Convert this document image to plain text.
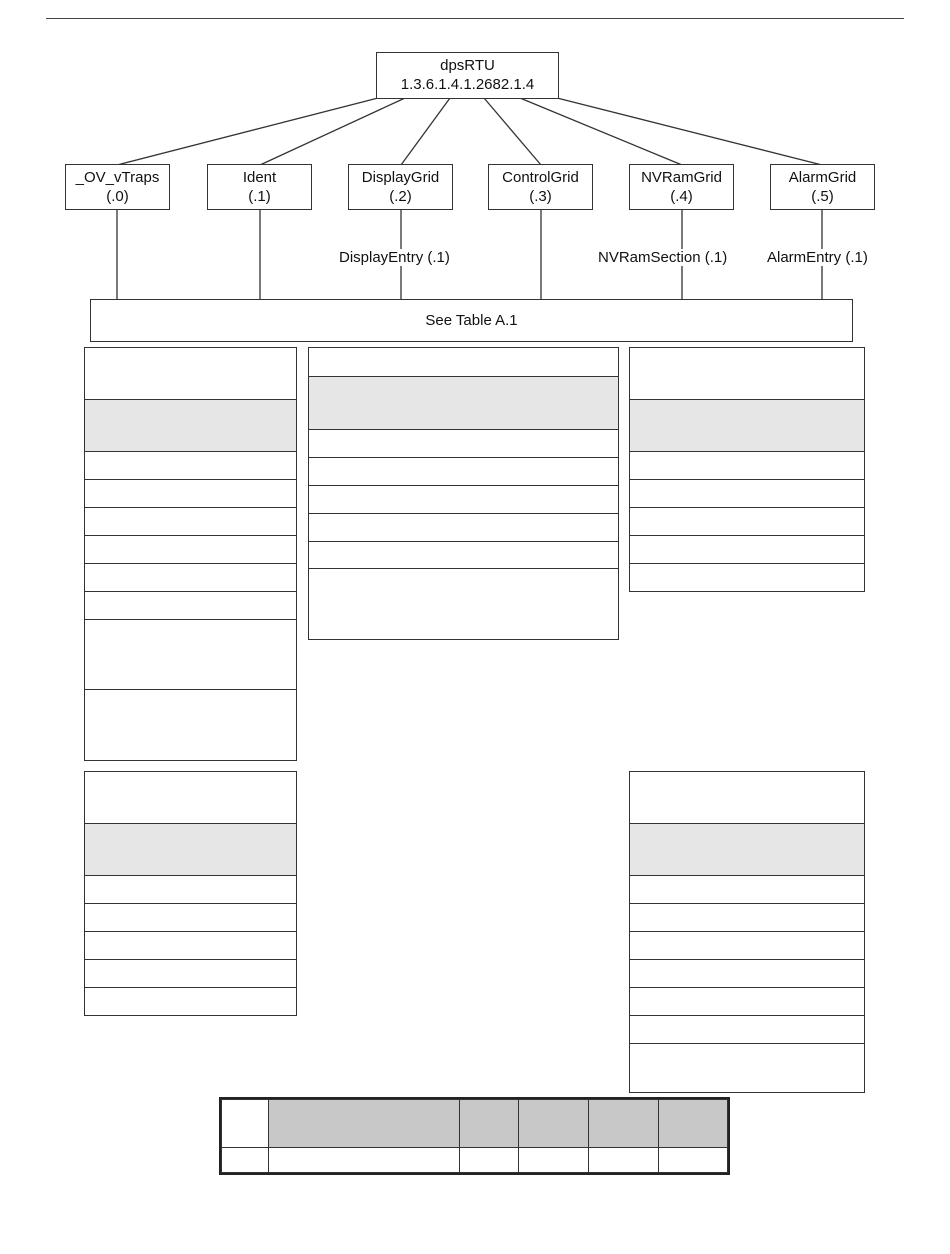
dpsRTU
1.3.6.1.4.1.2682.1.4
_OV_vTraps
(.0)
Ident
(.1)
DisplayGrid
(.2)
ControlGrid
(.3)
NVRamGrid
(.4)
AlarmGrid
(.5)
DisplayEntry (.1)	NVRamSection (.1)	AlarmEntry (.1)
See Table A.1
